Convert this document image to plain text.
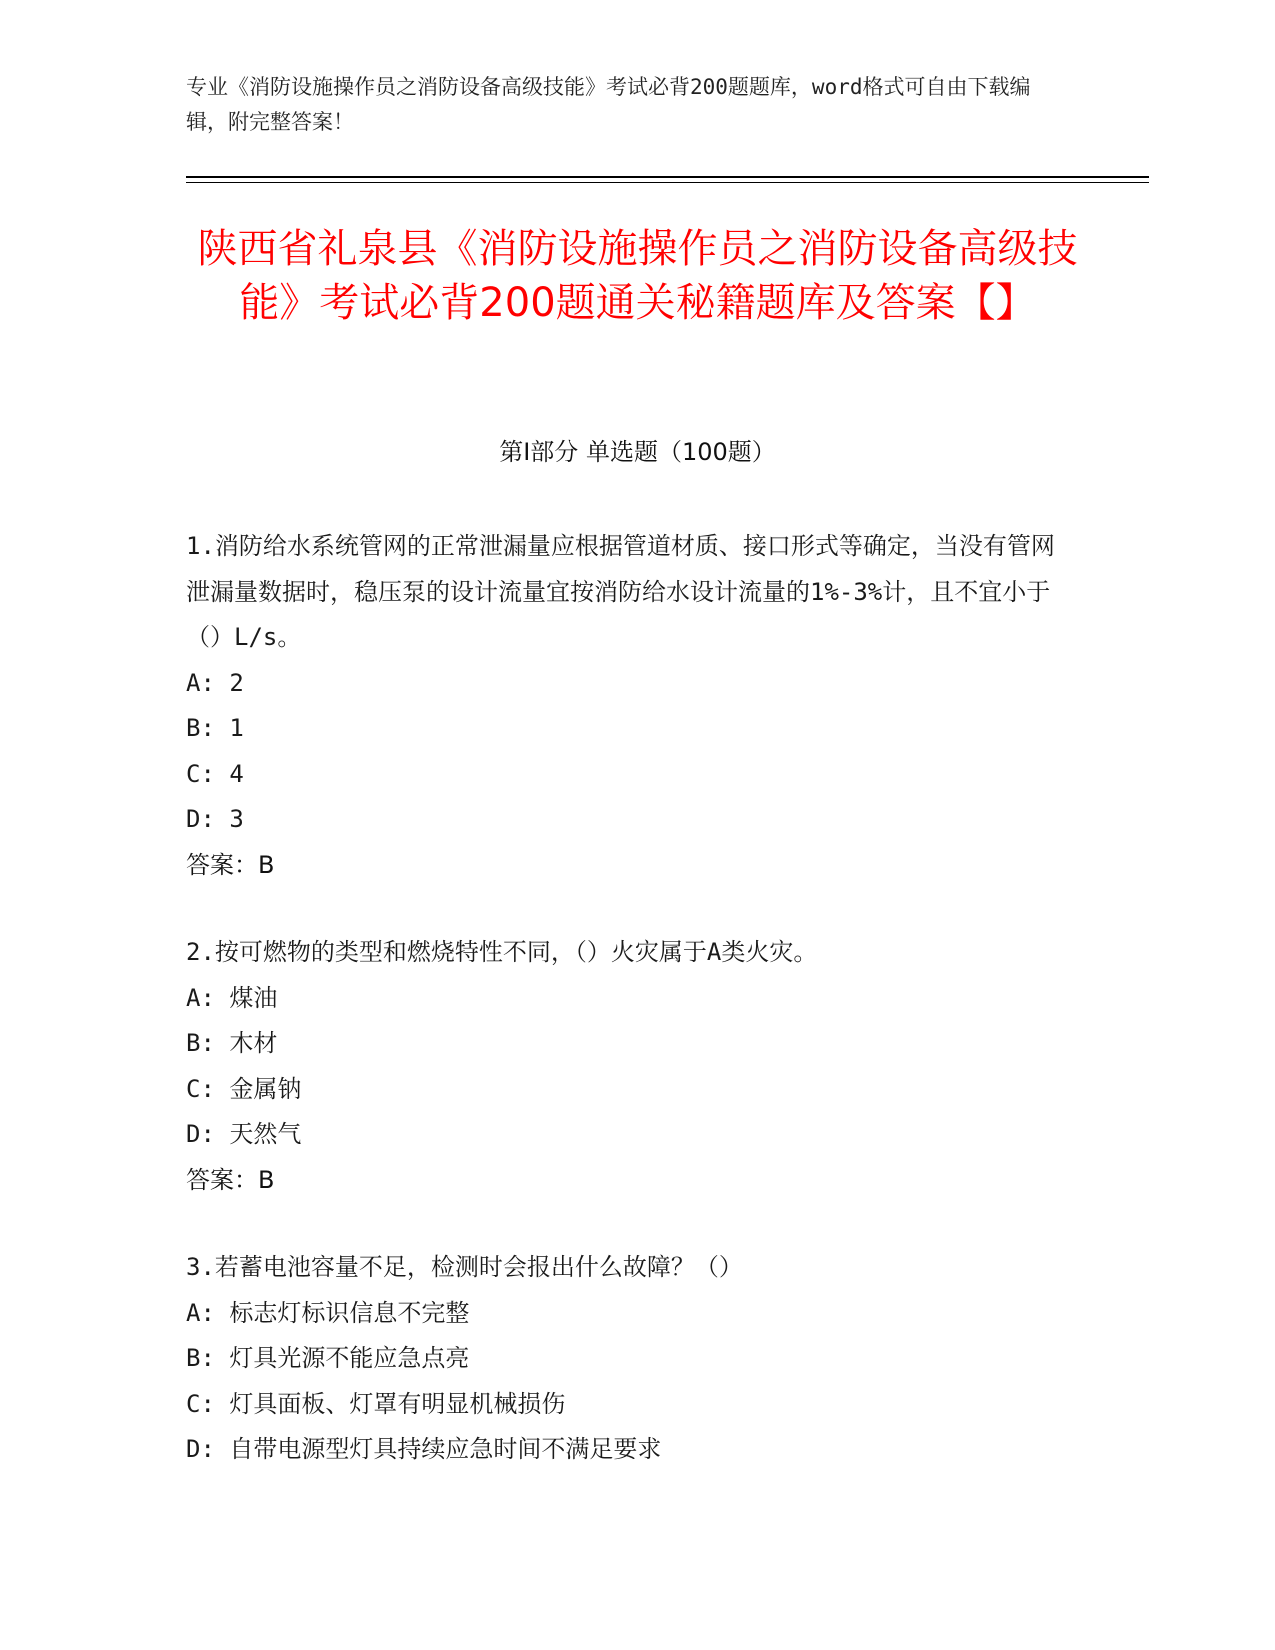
专业《消防设施操作员之消防设备高级技能》考试必背200题题库，word格式可自由下载编辑，附完整答案！
陕西省礼泉县《消防设施操作员之消防设备高级技能》考试必背200题通关秘籍题库及答案【】
第Ⅰ部分 单选题（100题）
1.消防给水系统管网的正常泄漏量应根据管道材质、接口形式等确定，当没有管网泄漏量数据时，稳压泵的设计流量宜按消防给水设计流量的1%-3%计，且不宜小于（）L/s。
A: 2
B: 1
C: 4
D: 3
答案：B
2.按可燃物的类型和燃烧特性不同，（）火灾属于A类火灾。
A: 煤油
B: 木材
C: 金属钠
D: 天然气
答案：B
3.若蓄电池容量不足，检测时会报出什么故障？（）
A: 标志灯标识信息不完整
B: 灯具光源不能应急点亮
C: 灯具面板、灯罩有明显机械损伤
D: 自带电源型灯具持续应急时间不满足要求
